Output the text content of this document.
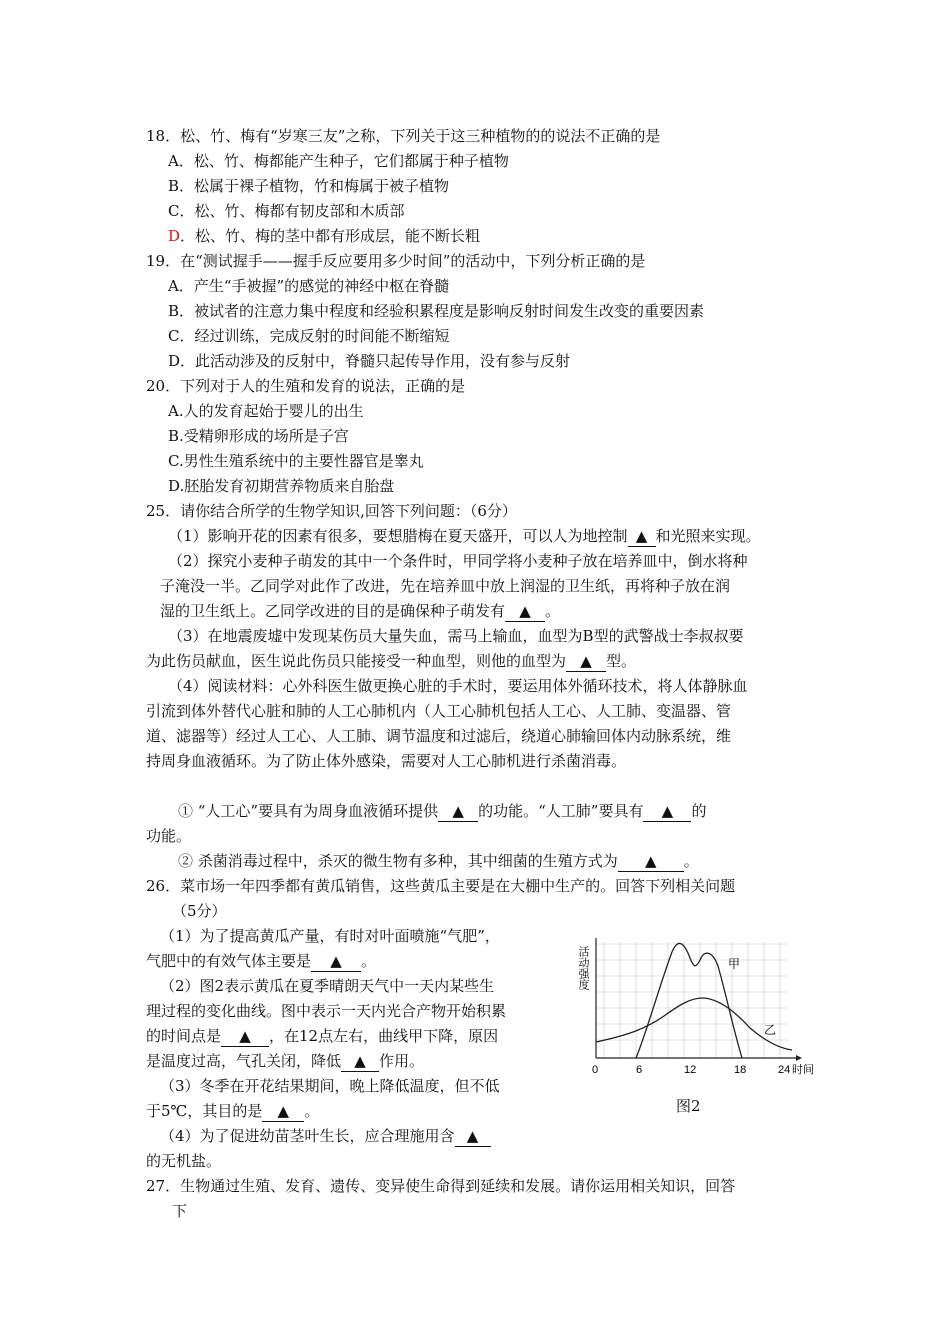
18．松、竹、梅有“岁寒三友”之称，下列关于这三种植物的的说法不正确的是
A．松、竹、梅都能产生种子，它们都属于种子植物
B．松属于裸子植物，竹和梅属于被子植物
C．松、竹、梅都有韧皮部和木质部
D．松、竹、梅的茎中都有形成层，能不断长粗
19．在“测试握手——握手反应要用多少时间”的活动中，下列分析正确的是
A．产生“手被握”的感觉的神经中枢在脊髓
B．被试者的注意力集中程度和经验积累程度是影响反射时间发生改变的重要因素
C．经过训练，完成反射的时间能不断缩短
D．此活动涉及的反射中，脊髓只起传导作用，没有参与反射
20．下列对于人的生殖和发育的说法，正确的是
A.人的发育起始于婴儿的出生
B.受精卵形成的场所是子宫
C.男性生殖系统中的主要性器官是睾丸
D.胚胎发育初期营养物质来自胎盘
25．请你结合所学的生物学知识,回答下列问题：（6分）
（1）影响开花的因素有很多，要想腊梅在夏天盛开，可以人为地控制 ▲ 和光照来实现。
（2）探究小麦种子萌发的其中一个条件时，甲同学将小麦种子放在培养皿中，倒水将种
子淹没一半。乙同学对此作了改进，先在培养皿中放上润湿的卫生纸，再将种子放在润
湿的卫生纸上。乙同学改进的目的是确保种子萌发有 ▲ 。
（3）在地震废墟中发现某伤员大量失血，需马上输血，血型为B型的武警战士李叔叔要
为此伤员献血，医生说此伤员只能接受一种血型，则他的血型为 ▲ 型。
（4）阅读材料：心外科医生做更换心脏的手术时，要运用体外循环技术，将人体静脉血
引流到体外替代心脏和肺的人工心肺机内（人工心肺机包括人工心、人工肺、变温器、管
道、滤器等）经过人工心、人工肺、调节温度和过滤后，绕道心肺输回体内动脉系统，维
持周身血液循环。为了防止体外感染，需要对人工心肺机进行杀菌消毒。
① “人工心”要具有为周身血液循环提供 ▲ 的功能。“人工肺”要具有 ▲ 的
功能。
② 杀菌消毒过程中，杀灭的微生物有多种，其中细菌的生殖方式为 ▲ 。
26．菜市场一年四季都有黄瓜销售，这些黄瓜主要是在大棚中生产的。回答下列相关问题
（5分）
（1）为了提高黄瓜产量，有时对叶面喷施“气肥”，
气肥中的有效气体主要是 ▲ 。
（2）图2表示黄瓜在夏季晴朗天气中一天内某些生
理过程的变化曲线。图中表示一天内光合产物开始积累
的时间点是 ▲ ，在12点左右，曲线甲下降，原因
是温度过高，气孔关闭，降低 ▲ 作用。
（3）冬季在开花结果期间，晚上降低温度，但不低
于5℃，其目的是 ▲ 。
（4）为了促进幼苗茎叶生长，应合理施用含 ▲
的无机盐。
27．生物通过生殖、发育、遗传、变异使生命得到延续和发展。请你运用相关知识，回答
下
活动强度	甲
乙
0	6	12	18	24 时间
图2
